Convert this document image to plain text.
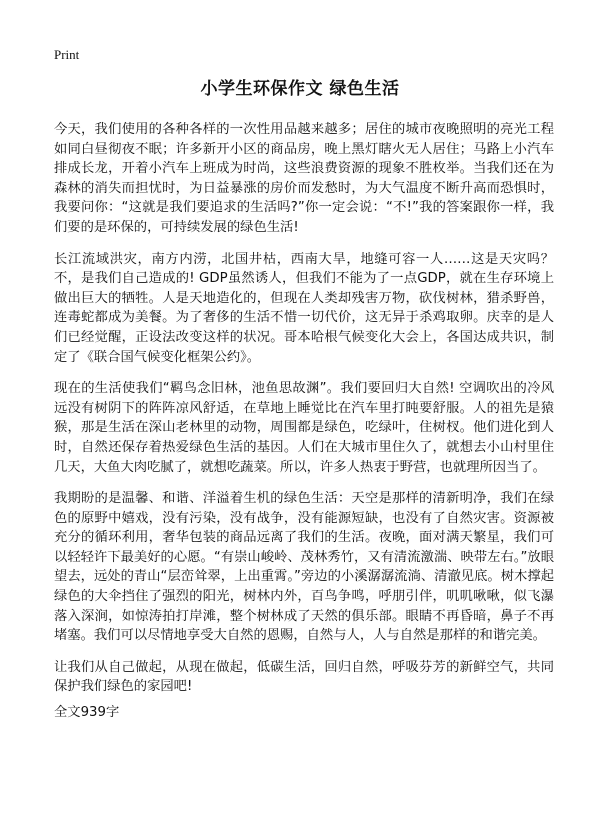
Print
小学生环保作文 绿色生活

今天，我们使用的各种各样的一次性用品越来越多；居住的城市夜晚照明的亮光工程如同白昼彻夜不眠；许多新开小区的商品房，晚上黑灯瞎火无人居住；马路上小汽车排成长龙，开着小汽车上班成为时尚，这些浪费资源的现象不胜枚举。当我们还在为森林的消失而担忧时，为日益暴涨的房价而发愁时，为大气温度不断升高而恐惧时，我要问你：“这就是我们要追求的生活吗?”你一定会说：“不!”我的答案跟你一样，我们要的是环保的，可持续发展的绿色生活!

长江流域洪灾，南方内涝，北国井枯，西南大旱，地缝可容一人……这是天灾吗？不，是我们自己造成的! GDP虽然诱人，但我们不能为了一点GDP，就在生存环境上做出巨大的牺牲。人是天地造化的，但现在人类却残害万物，砍伐树林，猎杀野兽，连毒蛇都成为美餐。为了奢侈的生活不惜一切代价，这无异于杀鸡取卵。庆幸的是人们已经觉醒，正设法改变这样的状况。哥本哈根气候变化大会上，各国达成共识，制定了《联合国气候变化框架公约》。

现在的生活使我们“羁鸟念旧林，池鱼思故渊”。我们要回归大自然! 空调吹出的冷风远没有树阴下的阵阵凉风舒适，在草地上睡觉比在汽车里打盹要舒服。人的祖先是猿猴，那是生活在深山老林里的动物，周围都是绿色，吃绿叶，住树杈。他们进化到人时，自然还保存着热爱绿色生活的基因。人们在大城市里住久了，就想去小山村里住几天，大鱼大肉吃腻了，就想吃蔬菜。所以，许多人热衷于野营，也就理所因当了。

我期盼的是温馨、和谐、洋溢着生机的绿色生活：天空是那样的清新明净，我们在绿色的原野中嬉戏，没有污染，没有战争，没有能源短缺，也没有了自然灾害。资源被充分的循环利用，奢华包装的商品远离了我们的生活。夜晚，面对满天繁星，我们可以轻轻许下最美好的心愿。“有崇山峻岭、茂林秀竹，又有清流激湍、映带左右。”放眼望去，远处的青山“层峦耸翠，上出重霄。”旁边的小溪潺潺流淌、清澈见底。树木撑起绿色的大伞挡住了强烈的阳光，树林内外，百鸟争鸣，呼朋引伴，叽叽啾啾，似飞瀑落入深涧，如惊涛拍打岸滩，整个树林成了天然的俱乐部。眼睛不再昏暗，鼻子不再堵塞。我们可以尽情地享受大自然的恩赐，自然与人，人与自然是那样的和谐完美。

让我们从自己做起，从现在做起，低碳生活，回归自然，呼吸芬芳的新鲜空气，共同保护我们绿色的家园吧!

全文939字
